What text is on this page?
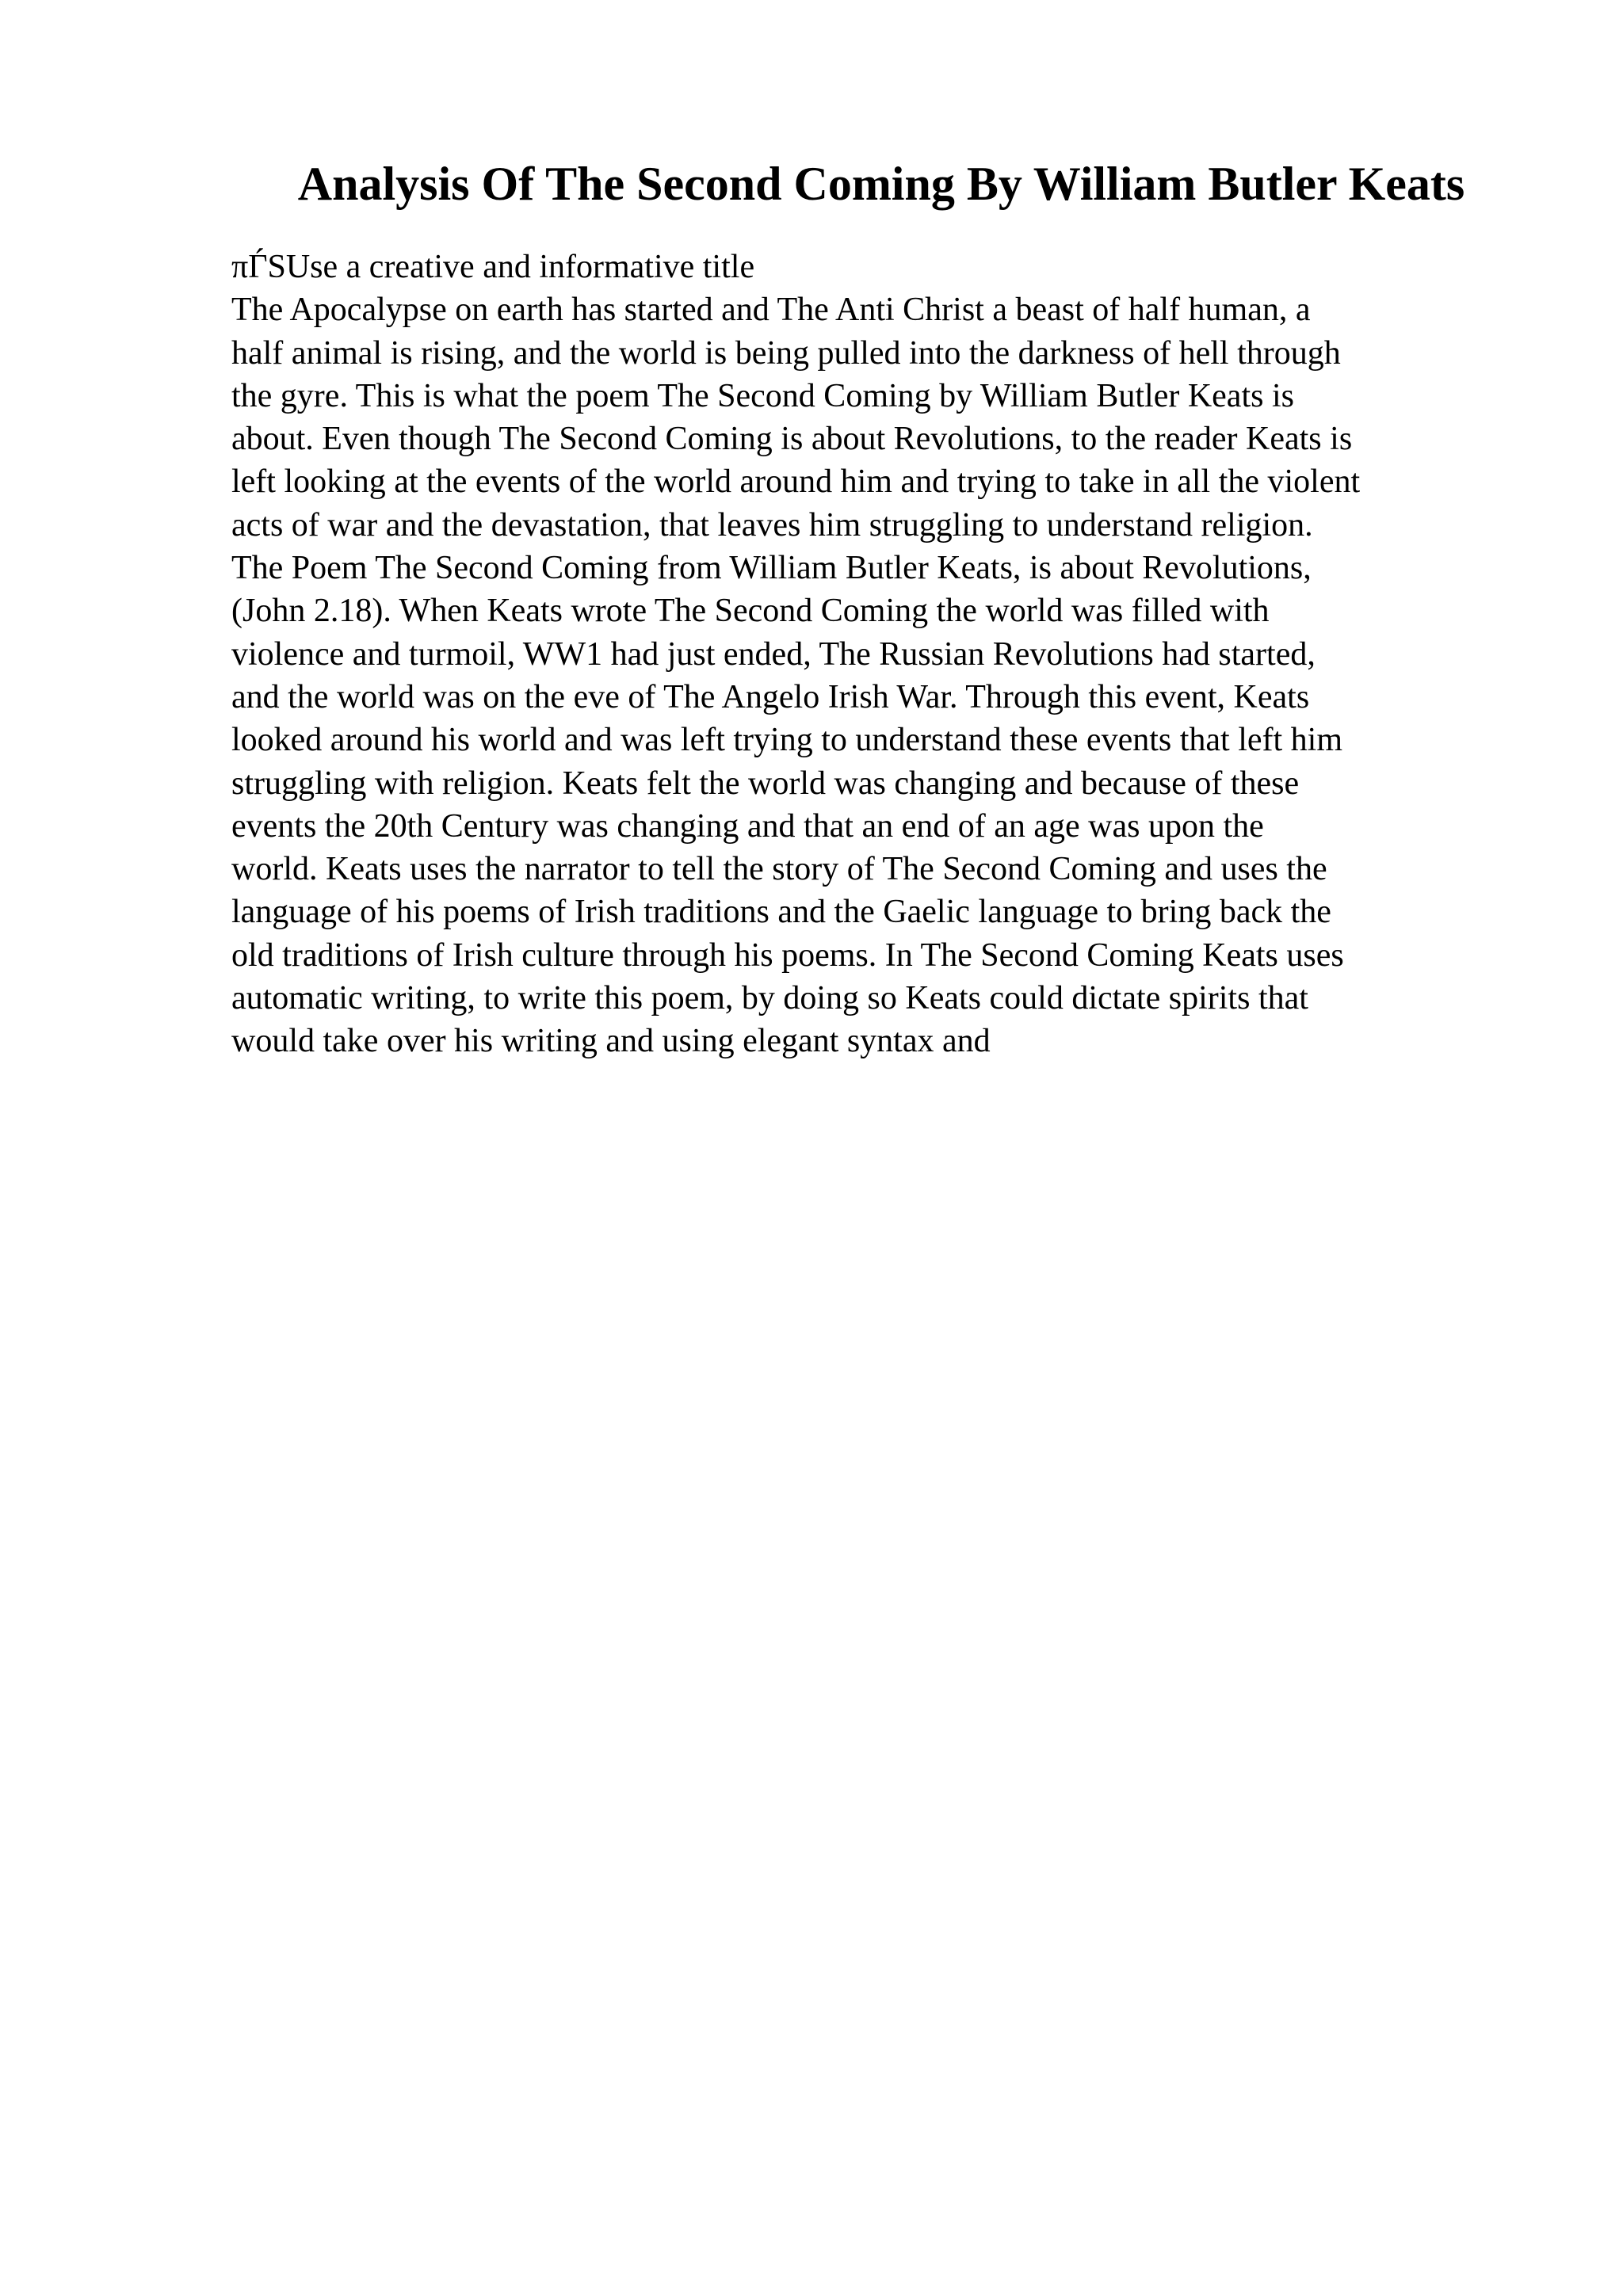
Analysis Of The Second Coming By William Butler Keats
πЃSUse a creative and informative title
The Apocalypse on earth has started and The Anti Christ a beast of half human, a
half animal is rising, and the world is being pulled into the darkness of hell through
the gyre. This is what the poem The Second Coming by William Butler Keats is
about. Even though The Second Coming is about Revolutions, to the reader Keats is
left looking at the events of the world around him and trying to take in all the violent
acts of war and the devastation, that leaves him struggling to understand religion.
The Poem The Second Coming from William Butler Keats, is about Revolutions,
(John 2.18). When Keats wrote The Second Coming the world was filled with
violence and turmoil, WW1 had just ended, The Russian Revolutions had started,
and the world was on the eve of The Angelo Irish War. Through this event, Keats
looked around his world and was left trying to understand these events that left him
struggling with religion. Keats felt the world was changing and because of these
events the 20th Century was changing and that an end of an age was upon the
world. Keats uses the narrator to tell the story of The Second Coming and uses the
language of his poems of Irish traditions and the Gaelic language to bring back the
old traditions of Irish culture through his poems. In The Second Coming Keats uses
automatic writing, to write this poem, by doing so Keats could dictate spirits that
would take over his writing and using elegant syntax and
